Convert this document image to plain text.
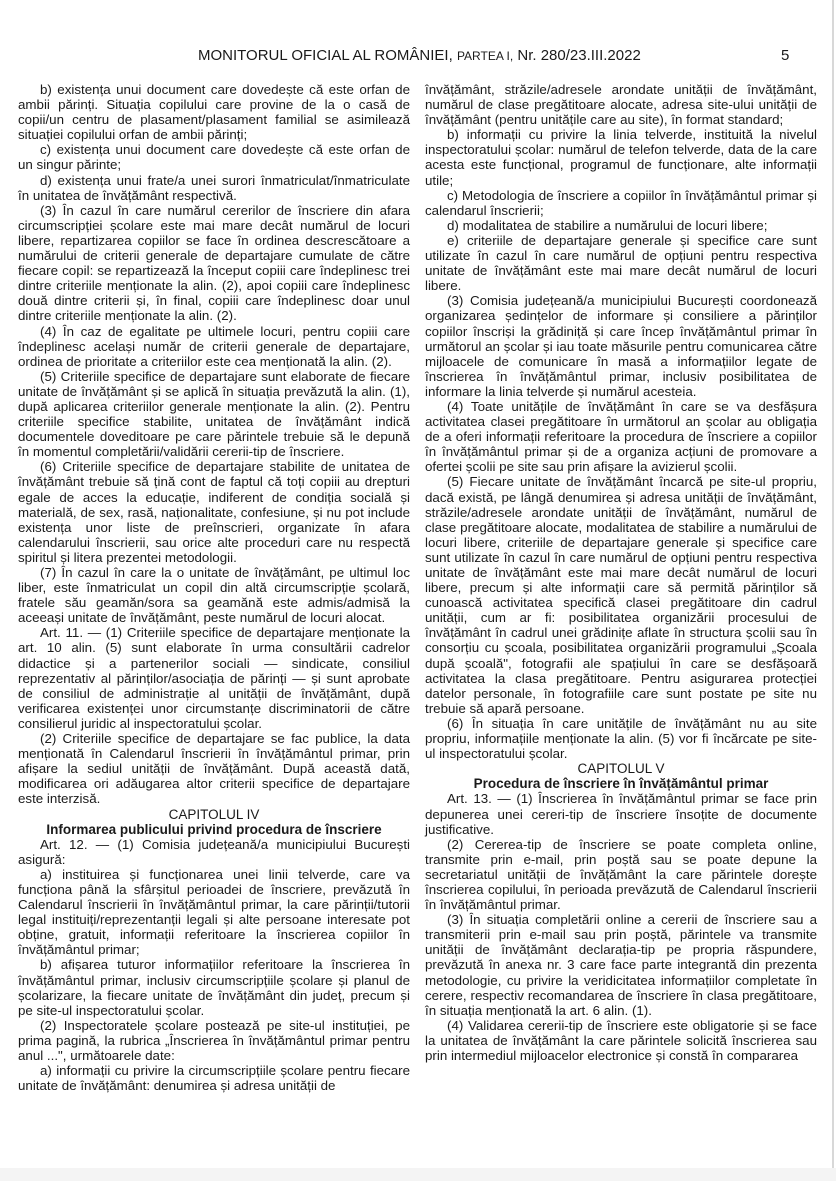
MONITORUL OFICIAL AL ROMÂNIEI, PARTEA I, Nr. 280/23.III.2022	5

b) existența unui document care dovedește că este orfan de ambii părinți. Situația copilului care provine de la o casă de copii/un centru de plasament/plasament familial se asimilează situației copilului orfan de ambii părinți;

c) existența unui document care dovedește că este orfan de un singur părinte;

d) existența unui frate/a unei surori înmatriculat/înmatriculate în unitatea de învățământ respectivă.

(3) În cazul în care numărul cererilor de înscriere din afara circumscripției școlare este mai mare decât numărul de locuri libere, repartizarea copiilor se face în ordinea descrescătoare a numărului de criterii generale de departajare cumulate de către fiecare copil: se repartizează la început copiii care îndeplinesc trei dintre criteriile menționate la alin. (2), apoi copiii care îndeplinesc două dintre criterii și, în final, copiii care îndeplinesc doar unul dintre criteriile menționate la alin. (2).

(4) În caz de egalitate pe ultimele locuri, pentru copiii care îndeplinesc același număr de criterii generale de departajare, ordinea de prioritate a criteriilor este cea menționată la alin. (2).

(5) Criteriile specifice de departajare sunt elaborate de fiecare unitate de învățământ și se aplică în situația prevăzută la alin. (1), după aplicarea criteriilor generale menționate la alin. (2). Pentru criteriile specifice stabilite, unitatea de învățământ indică documentele doveditoare pe care părintele trebuie să le depună în momentul completării/validării cererii-tip de înscriere.

(6) Criteriile specifice de departajare stabilite de unitatea de învățământ trebuie să țină cont de faptul că toți copiii au drepturi egale de acces la educație, indiferent de condiția socială și materială, de sex, rasă, naționalitate, confesiune, și nu pot include existența unor liste de preînscrieri, organizate în afara calendarului înscrierii, sau orice alte proceduri care nu respectă spiritul și litera prezentei metodologii.

(7) În cazul în care la o unitate de învățământ, pe ultimul loc liber, este înmatriculat un copil din altă circumscripție școlară, fratele său geamăn/sora sa geamănă este admis/admisă la aceeași unitate de învățământ, peste numărul de locuri alocat.

Art. 11. — (1) Criteriile specifice de departajare menționate la art. 10 alin. (5) sunt elaborate în urma consultării cadrelor didactice și a partenerilor sociali — sindicate, consiliul reprezentativ al părinților/asociația de părinți — și sunt aprobate de consiliul de administrație al unității de învățământ, după verificarea existenței unor circumstanțe discriminatorii de către consilierul juridic al inspectoratului școlar.

(2) Criteriile specifice de departajare se fac publice, la data menționată în Calendarul înscrierii în învățământul primar, prin afișare la sediul unității de învățământ. După această dată, modificarea ori adăugarea altor criterii specifice de departajare este interzisă.

CAPITOLUL IV

Informarea publicului privind procedura de înscriere

Art. 12. — (1) Comisia județeană/a municipiului București asigură:

a) instituirea și funcționarea unei linii telverde, care va funcționa până la sfârșitul perioadei de înscriere, prevăzută în Calendarul înscrierii în învățământul primar, la care părinții/tutorii legal instituiți/reprezentanții legali și alte persoane interesate pot obține, gratuit, informații referitoare la înscrierea copiilor în învățământul primar;

b) afișarea tuturor informațiilor referitoare la înscrierea în învățământul primar, inclusiv circumscripțiile școlare și planul de școlarizare, la fiecare unitate de învățământ din județ, precum și pe site-ul inspectoratului școlar.

(2) Inspectoratele școlare postează pe site-ul instituției, pe prima pagină, la rubrica „Înscrierea în învățământul primar pentru anul ...", următoarele date:

a) informații cu privire la circumscripțiile școlare pentru fiecare unitate de învățământ: denumirea și adresa unității de

învățământ, străzile/adresele arondate unității de învățământ, numărul de clase pregătitoare alocate, adresa site-ului unității de învățământ (pentru unitățile care au site), în format standard;

b) informații cu privire la linia telverde, instituită la nivelul inspectoratului școlar: numărul de telefon telverde, data de la care acesta este funcțional, programul de funcționare, alte informații utile;

c) Metodologia de înscriere a copiilor în învățământul primar și calendarul înscrierii;

d) modalitatea de stabilire a numărului de locuri libere;

e) criteriile de departajare generale și specifice care sunt utilizate în cazul în care numărul de opțiuni pentru respectiva unitate de învățământ este mai mare decât numărul de locuri libere.

(3) Comisia județeană/a municipiului București coordonează organizarea ședințelor de informare și consiliere a părinților copiilor înscriși la grădiniță și care încep învățământul primar în următorul an școlar și iau toate măsurile pentru comunicarea către mijloacele de comunicare în masă a informațiilor legate de înscrierea în învățământul primar, inclusiv posibilitatea de informare la linia telverde și numărul acesteia.

(4) Toate unitățile de învățământ în care se va desfășura activitatea clasei pregătitoare în următorul an școlar au obligația de a oferi informații referitoare la procedura de înscriere a copiilor în învățământul primar și de a organiza acțiuni de promovare a ofertei școlii pe site sau prin afișare la avizierul școlii.

(5) Fiecare unitate de învățământ încarcă pe site-ul propriu, dacă există, pe lângă denumirea și adresa unității de învățământ, străzile/adresele arondate unității de învățământ, numărul de clase pregătitoare alocate, modalitatea de stabilire a numărului de locuri libere, criteriile de departajare generale și specifice care sunt utilizate în cazul în care numărul de opțiuni pentru respectiva unitate de învățământ este mai mare decât numărul de locuri libere, precum și alte informații care să permită părinților să cunoască activitatea specifică clasei pregătitoare din cadrul unității, cum ar fi: posibilitatea organizării procesului de învățământ în cadrul unei grădinițe aflate în structura școlii sau în consorțiu cu școala, posibilitatea organizării programului „Școala după școală", fotografii ale spațiului în care se desfășoară activitatea la clasa pregătitoare. Pentru asigurarea protecției datelor personale, în fotografiile care sunt postate pe site nu trebuie să apară persoane.

(6) În situația în care unitățile de învățământ nu au site propriu, informațiile menționate la alin. (5) vor fi încărcate pe site-ul inspectoratului școlar.

CAPITOLUL V

Procedura de înscriere în învățământul primar

Art. 13. — (1) Înscrierea în învățământul primar se face prin depunerea unei cereri-tip de înscriere însoțite de documente justificative.

(2) Cererea-tip de înscriere se poate completa online, transmite prin e-mail, prin poștă sau se poate depune la secretariatul unității de învățământ la care părintele dorește înscrierea copilului, în perioada prevăzută de Calendarul înscrierii în învățământul primar.

(3) În situația completării online a cererii de înscriere sau a transmiterii prin e-mail sau prin poștă, părintele va transmite unității de învățământ declarația-tip pe propria răspundere, prevăzută în anexa nr. 3 care face parte integrantă din prezenta metodologie, cu privire la veridicitatea informațiilor completate în cerere, respectiv recomandarea de înscriere în clasa pregătitoare, în situația menționată la art. 6 alin. (1).

(4) Validarea cererii-tip de înscriere este obligatorie și se face la unitatea de învățământ la care părintele solicită înscrierea sau prin intermediul mijloacelor electronice și constă în compararea
